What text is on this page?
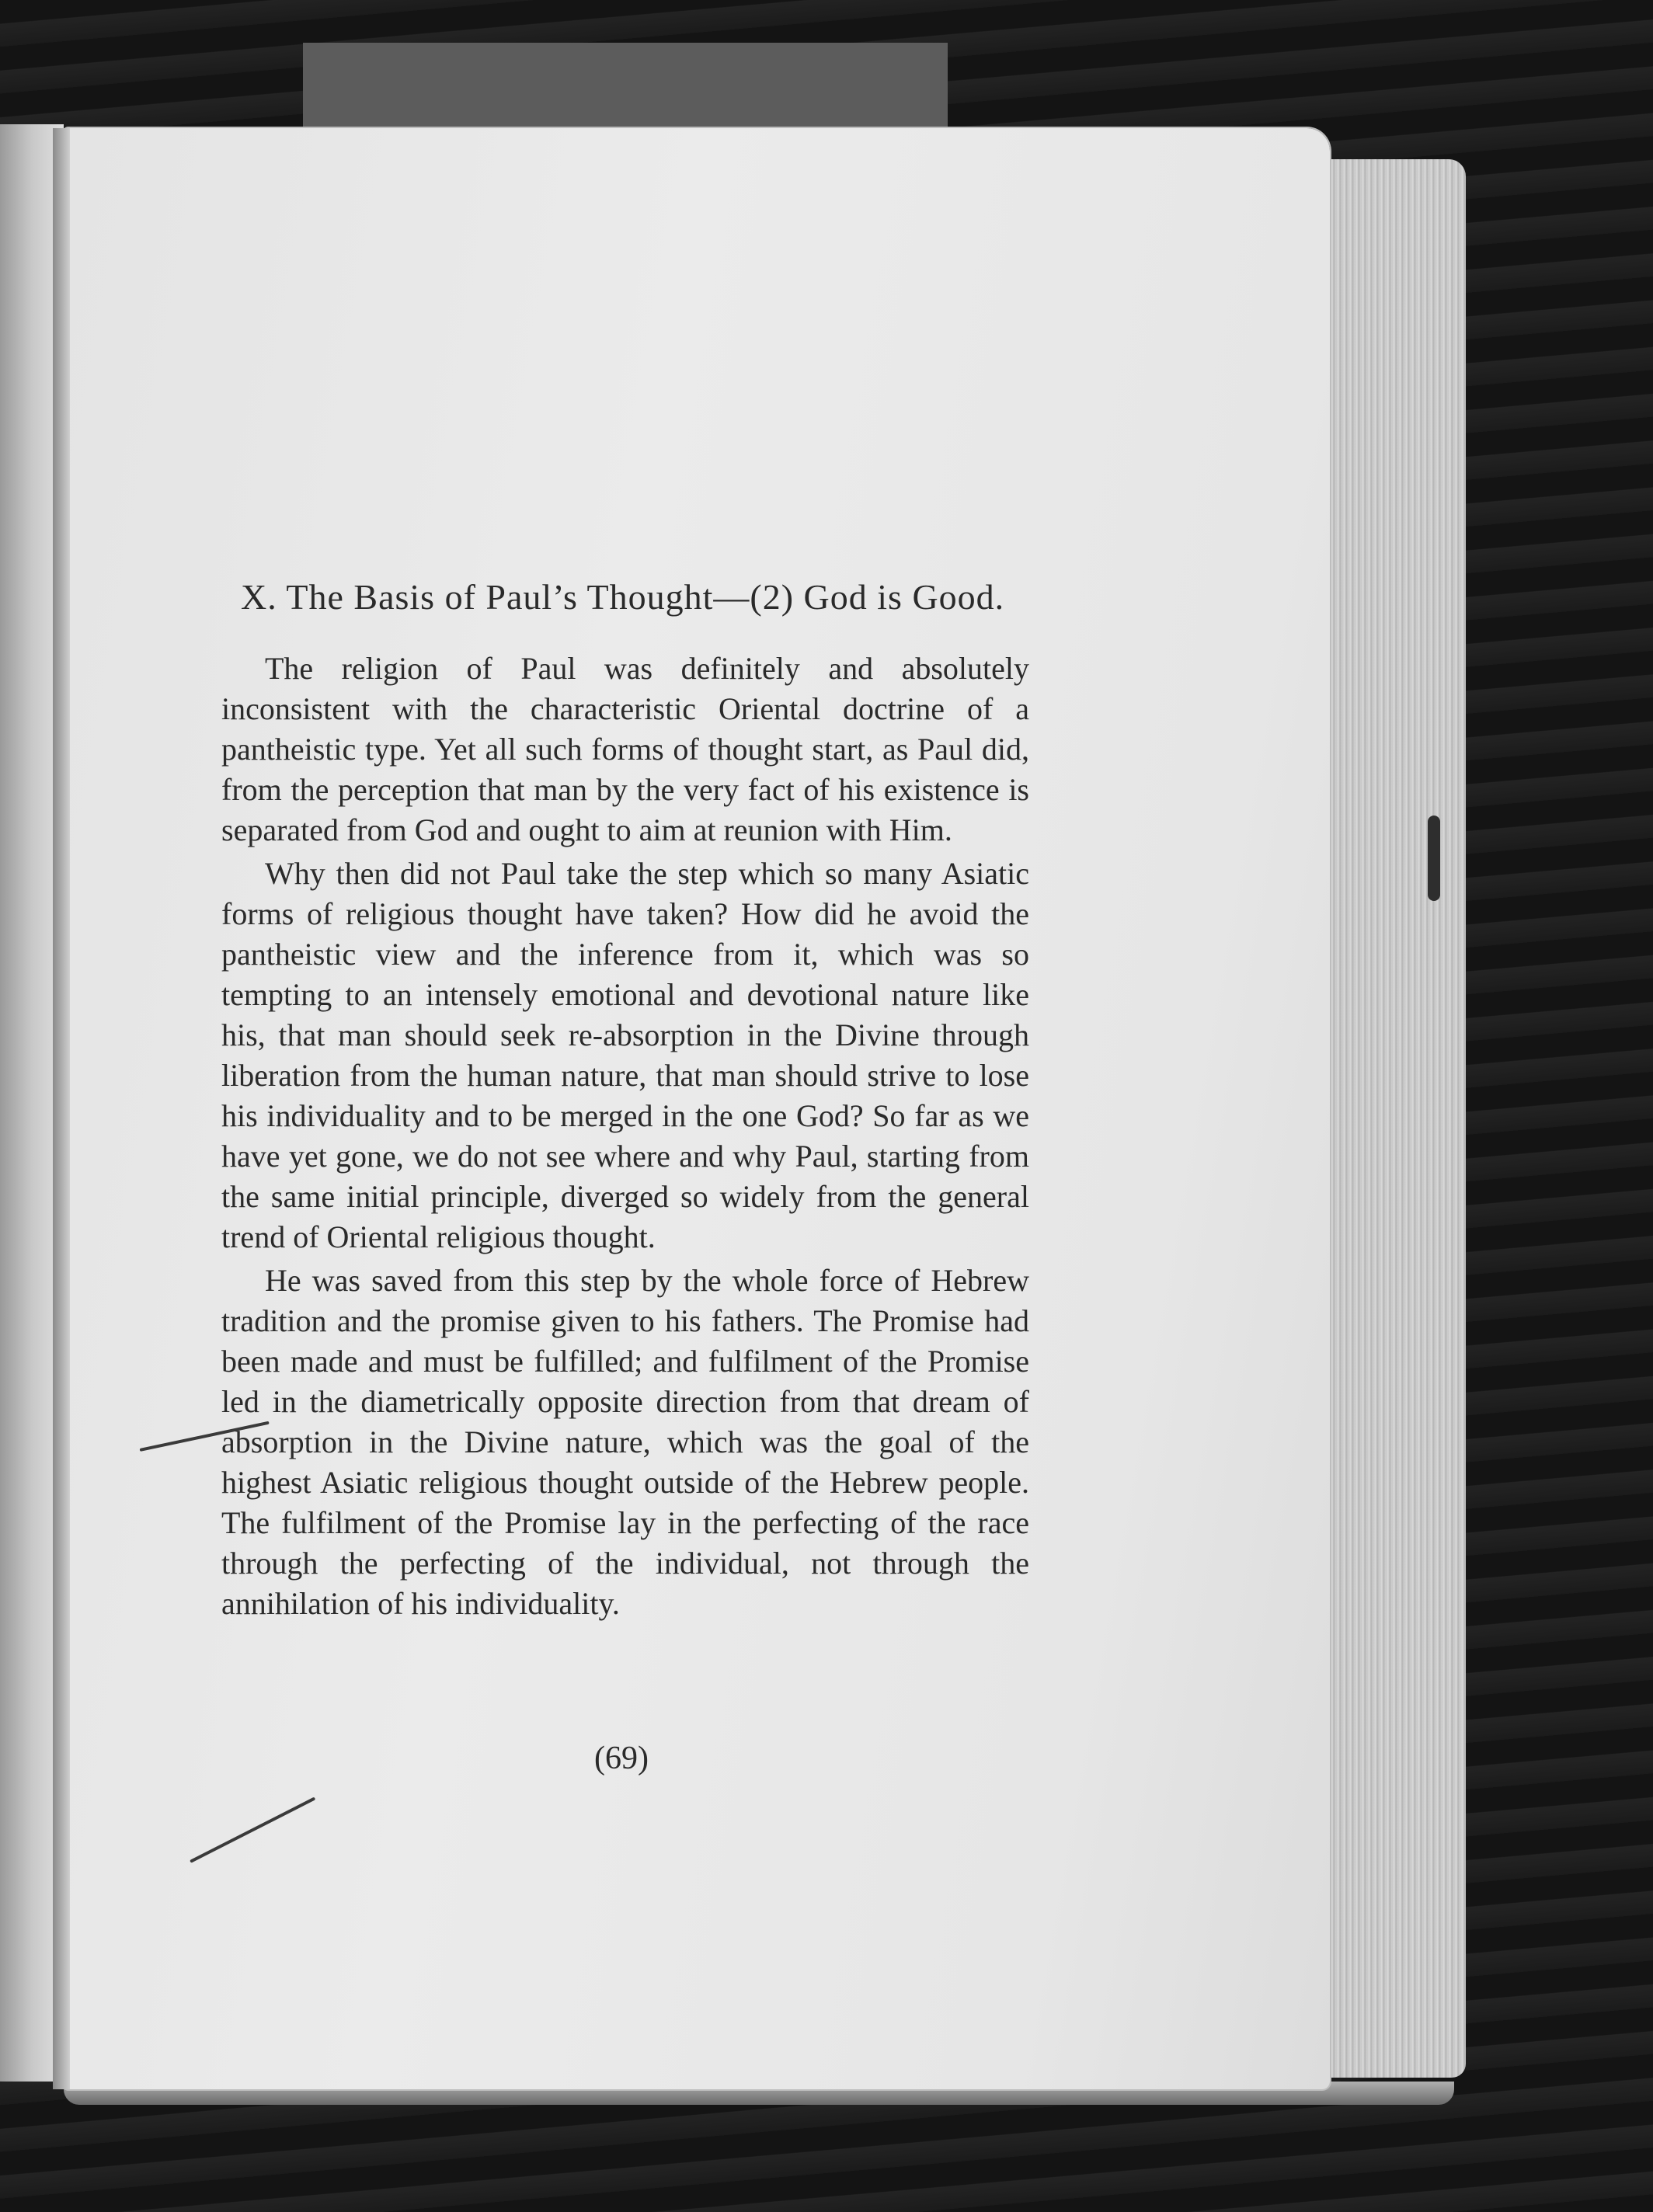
X. The Basis of Paul’s Thought—(2) God is Good.

The religion of Paul was definitely and absolutely inconsistent with the characteristic Oriental doctrine of a pantheistic type. Yet all such forms of thought start, as Paul did, from the perception that man by the very fact of his existence is separated from God and ought to aim at reunion with Him.

Why then did not Paul take the step which so many Asiatic forms of religious thought have taken? How did he avoid the pantheistic view and the inference from it, which was so tempting to an intensely emotional and devotional nature like his, that man should seek re-absorption in the Divine through liberation from the human nature, that man should strive to lose his individuality and to be merged in the one God? So far as we have yet gone, we do not see where and why Paul, starting from the same initial principle, diverged so widely from the general trend of Oriental religious thought.

He was saved from this step by the whole force of Hebrew tradition and the promise given to his fathers. The Promise had been made and must be fulfilled; and fulfilment of the Promise led in the diametrically opposite direction from that dream of absorption in the Divine nature, which was the goal of the highest Asiatic religious thought outside of the Hebrew people. The fulfilment of the Promise lay in the perfecting of the race through the perfecting of the individual, not through the annihilation of his individuality.

(69)
